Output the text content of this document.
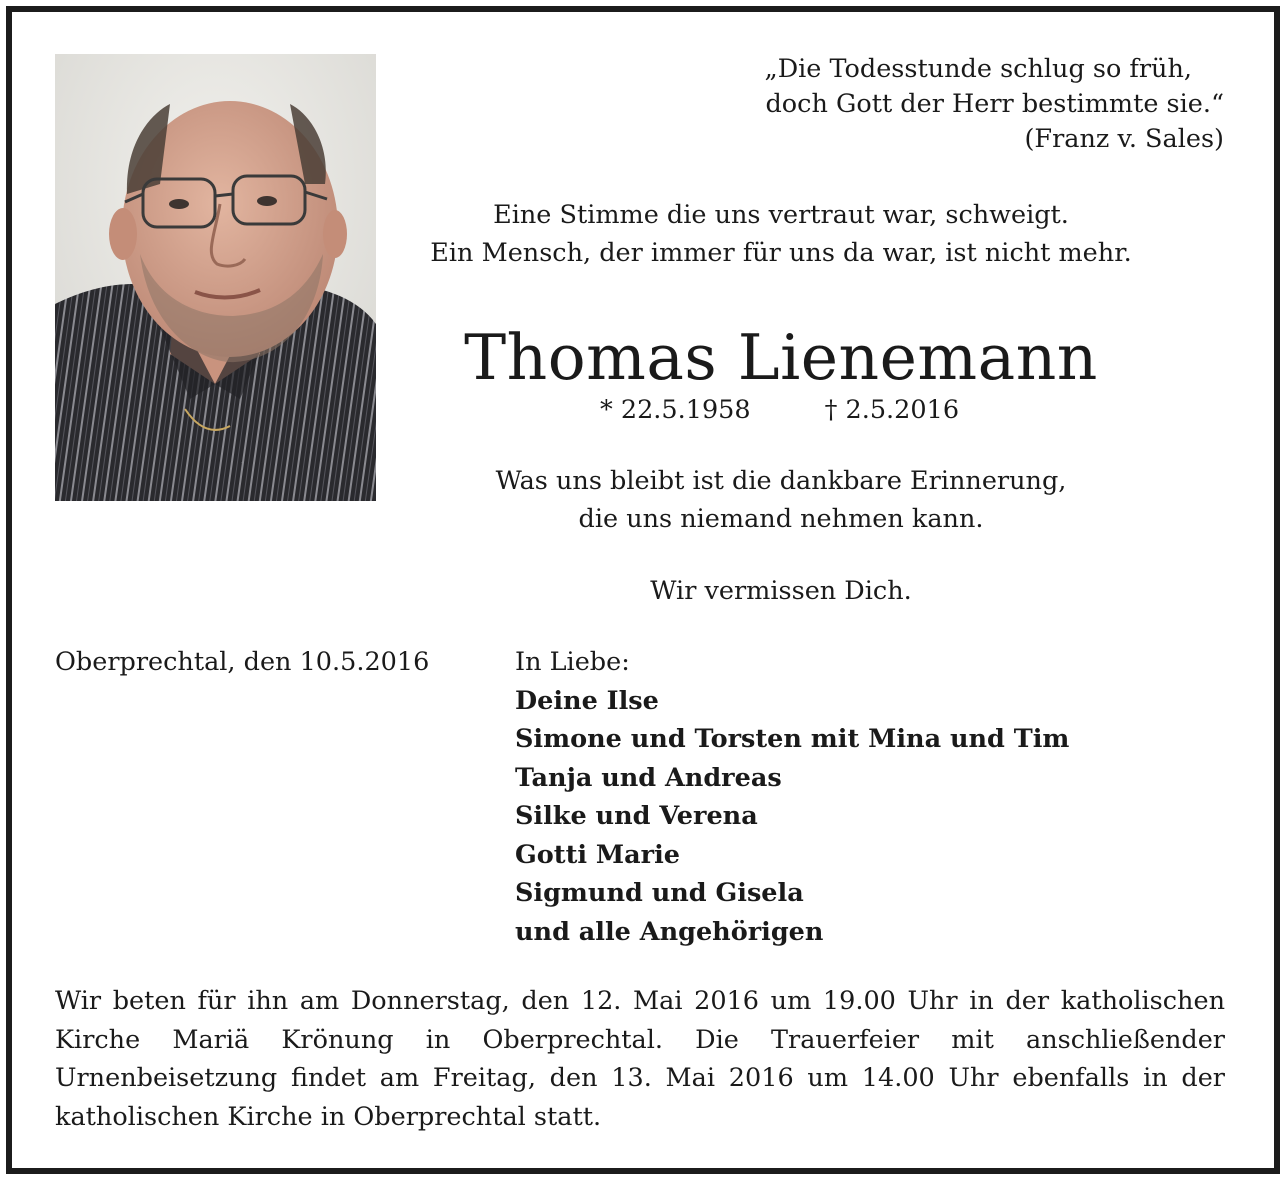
„Die Todesstunde schlug so früh,
doch Gott der Herr bestimmte sie.“
(Franz v. Sales)
Eine Stimme die uns vertraut war, schweigt.
Ein Mensch, der immer für uns da war, ist nicht mehr.
Thomas Lienemann
* 22.5.1958	† 2.5.2016
Was uns bleibt ist die dankbare Erinnerung,
die uns niemand nehmen kann.
Wir vermissen Dich.
Oberprechtal, den 10.5.2016	In Liebe:
Deine Ilse
Simone und Torsten mit Mina und Tim
Tanja und Andreas
Silke und Verena
Gotti Marie
Sigmund und Gisela
und alle Angehörigen
Wir beten für ihn am Donnerstag, den 12. Mai 2016 um 19.00 Uhr in der katholischen Kirche Mariä Krönung in Oberprechtal. Die Trauerfeier mit anschließender Urnenbeisetzung findet am Freitag, den 13. Mai 2016 um 14.00 Uhr ebenfalls in der katholischen Kirche in Oberprechtal statt.
